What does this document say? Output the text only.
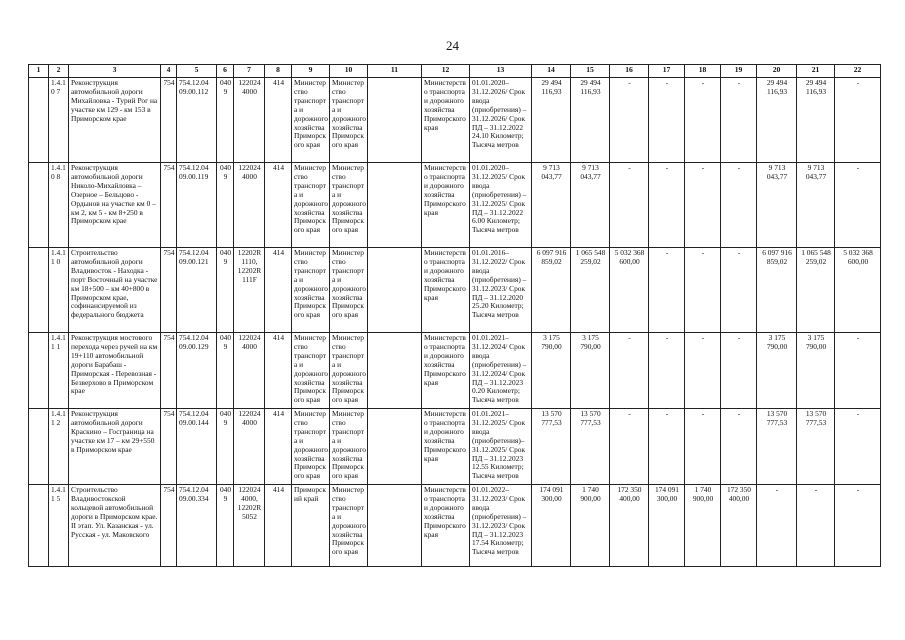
24
1	2	3	4	5	6	7	8	9	10	11	12	13	14	15	16	17	18	19	20	21	22
	1.4.10 7	Реконструкция автомобильной дороги Михайловка - Турий Рог на участке км 129 - км 153 в Приморском крае	754	754.12.04 09.00.112	0409	122024 4000	414	Министерство транспорта и дорожного хозяйства Приморского края	Министерство транспорта и дорожного хозяйства Приморского края		Министерство транспорта и дорожного хозяйства Приморского края	01.01.2020–31.12.2026/ Срок ввода (приобретения) – 31.12.2026/ Срок ПД – 31.12.2022 24.10 Километр; Тысяча метров	29 494 116,93	29 494 116,93	-	-	-	-	29 494 116,93	29 494 116,93	-
	1.4.10 8	Реконструкция автомобильной дороги Николо-Михайловка – Озерное – Бельцово - Ордынов на участке км 0 – км 2, км 5 - км 8+250 в Приморском крае	754	754.12.04 09.00.119	0409	122024 4000	414	Министерство транспорта и дорожного хозяйства Приморского края	Министерство транспорта и дорожного хозяйства Приморского края		Министерство транспорта и дорожного хозяйства Приморского края	01.01.2020–31.12.2025/ Срок ввода (приобретения) – 31.12.2025/ Срок ПД – 31.12.2022 6.00 Километр; Тысяча метров	9 713 043,77	9 713 043,77	-	-	-	-	9 713 043,77	9 713 043,77	-
	1.4.11 0	Строительство автомобильной дороги Владивосток - Находка - порт Восточный на участке км 18+500 – км 40+800 в Приморском крае, софинансируемой из федерального бюджета	754	754.12.04 09.00.121	0409	12202R 1110, 12202R 111F	414	Министерство транспорта и дорожного хозяйства Приморского края	Министерство транспорта и дорожного хозяйства Приморского края		Министерство транспорта и дорожного хозяйства Приморского края	01.01.2016–31.12.2022/ Срок ввода (приобретения) – 31.12.2023/ Срок ПД – 31.12.2020 25.20 Километр; Тысяча метров	6 097 916 859,02	1 065 548 259,02	5 032 368 600,00	-	-	-	6 097 916 859,02	1 065 548 259,02	5 032 368 600,00
	1.4.11 1	Реконструкция мостового перехода через ручей на км 19+110 автомобильной дороги Барабаш - Приморская - Перевозная - Безверхово в Приморском крае	754	754.12.04 09.00.129	0409	122024 4000	414	Министерство транспорта и дорожного хозяйства Приморского края	Министерство транспорта и дорожного хозяйства Приморского края		Министерство транспорта и дорожного хозяйства Приморского края	01.01.2021–31.12.2024/ Срок ввода (приобретения) – 31.12.2024/ Срок ПД – 31.12.2023 0.20 Километр; Тысяча метров	3 175 790,00	3 175 790,00	-	-	-	-	3 175 790,00	3 175 790,00	-
	1.4.11 2	Реконструкция автомобильной дороги Краскино – Госграница на участке км 17 – км 29+550 в Приморском крае	754	754.12.04 09.00.144	0409	122024 4000	414	Министерство транспорта и дорожного хозяйства Приморского края	Министерство транспорта и дорожного хозяйства Приморского края		Министерство транспорта и дорожного хозяйства Приморского края	01.01.2021–31.12.2025/ Срок ввода (приобретения)– 31.12.2025/ Срок ПД – 31.12.2023 12.55 Километр; Тысяча метров	13 570 777,53	13 570 777,53	-	-	-	-	13 570 777,53	13 570 777,53	-
	1.4.11 5	Строительство Владивостокской кольцевой автомобильной дороги в Приморском крае. II этап. Ул. Казанская - ул. Русская - ул. Маковского	754	754.12.04 09.00.334	0409	122024 4000, 12202R 5052	414	Приморский край	Министерство транспорта и дорожного хозяйства Приморского края		Министерство транспорта и дорожного хозяйства Приморского края	01.01.2022–31.12.2023/ Срок ввода (приобретения) – 31.12.2023/ Срок ПД – 31.12.2023 17.54 Километр; Тысяча метров	174 091 300,00	1 740 900,00	172 350 400,00	174 091 300,00	1 740 900,00	172 350 400,00	-	-	-
